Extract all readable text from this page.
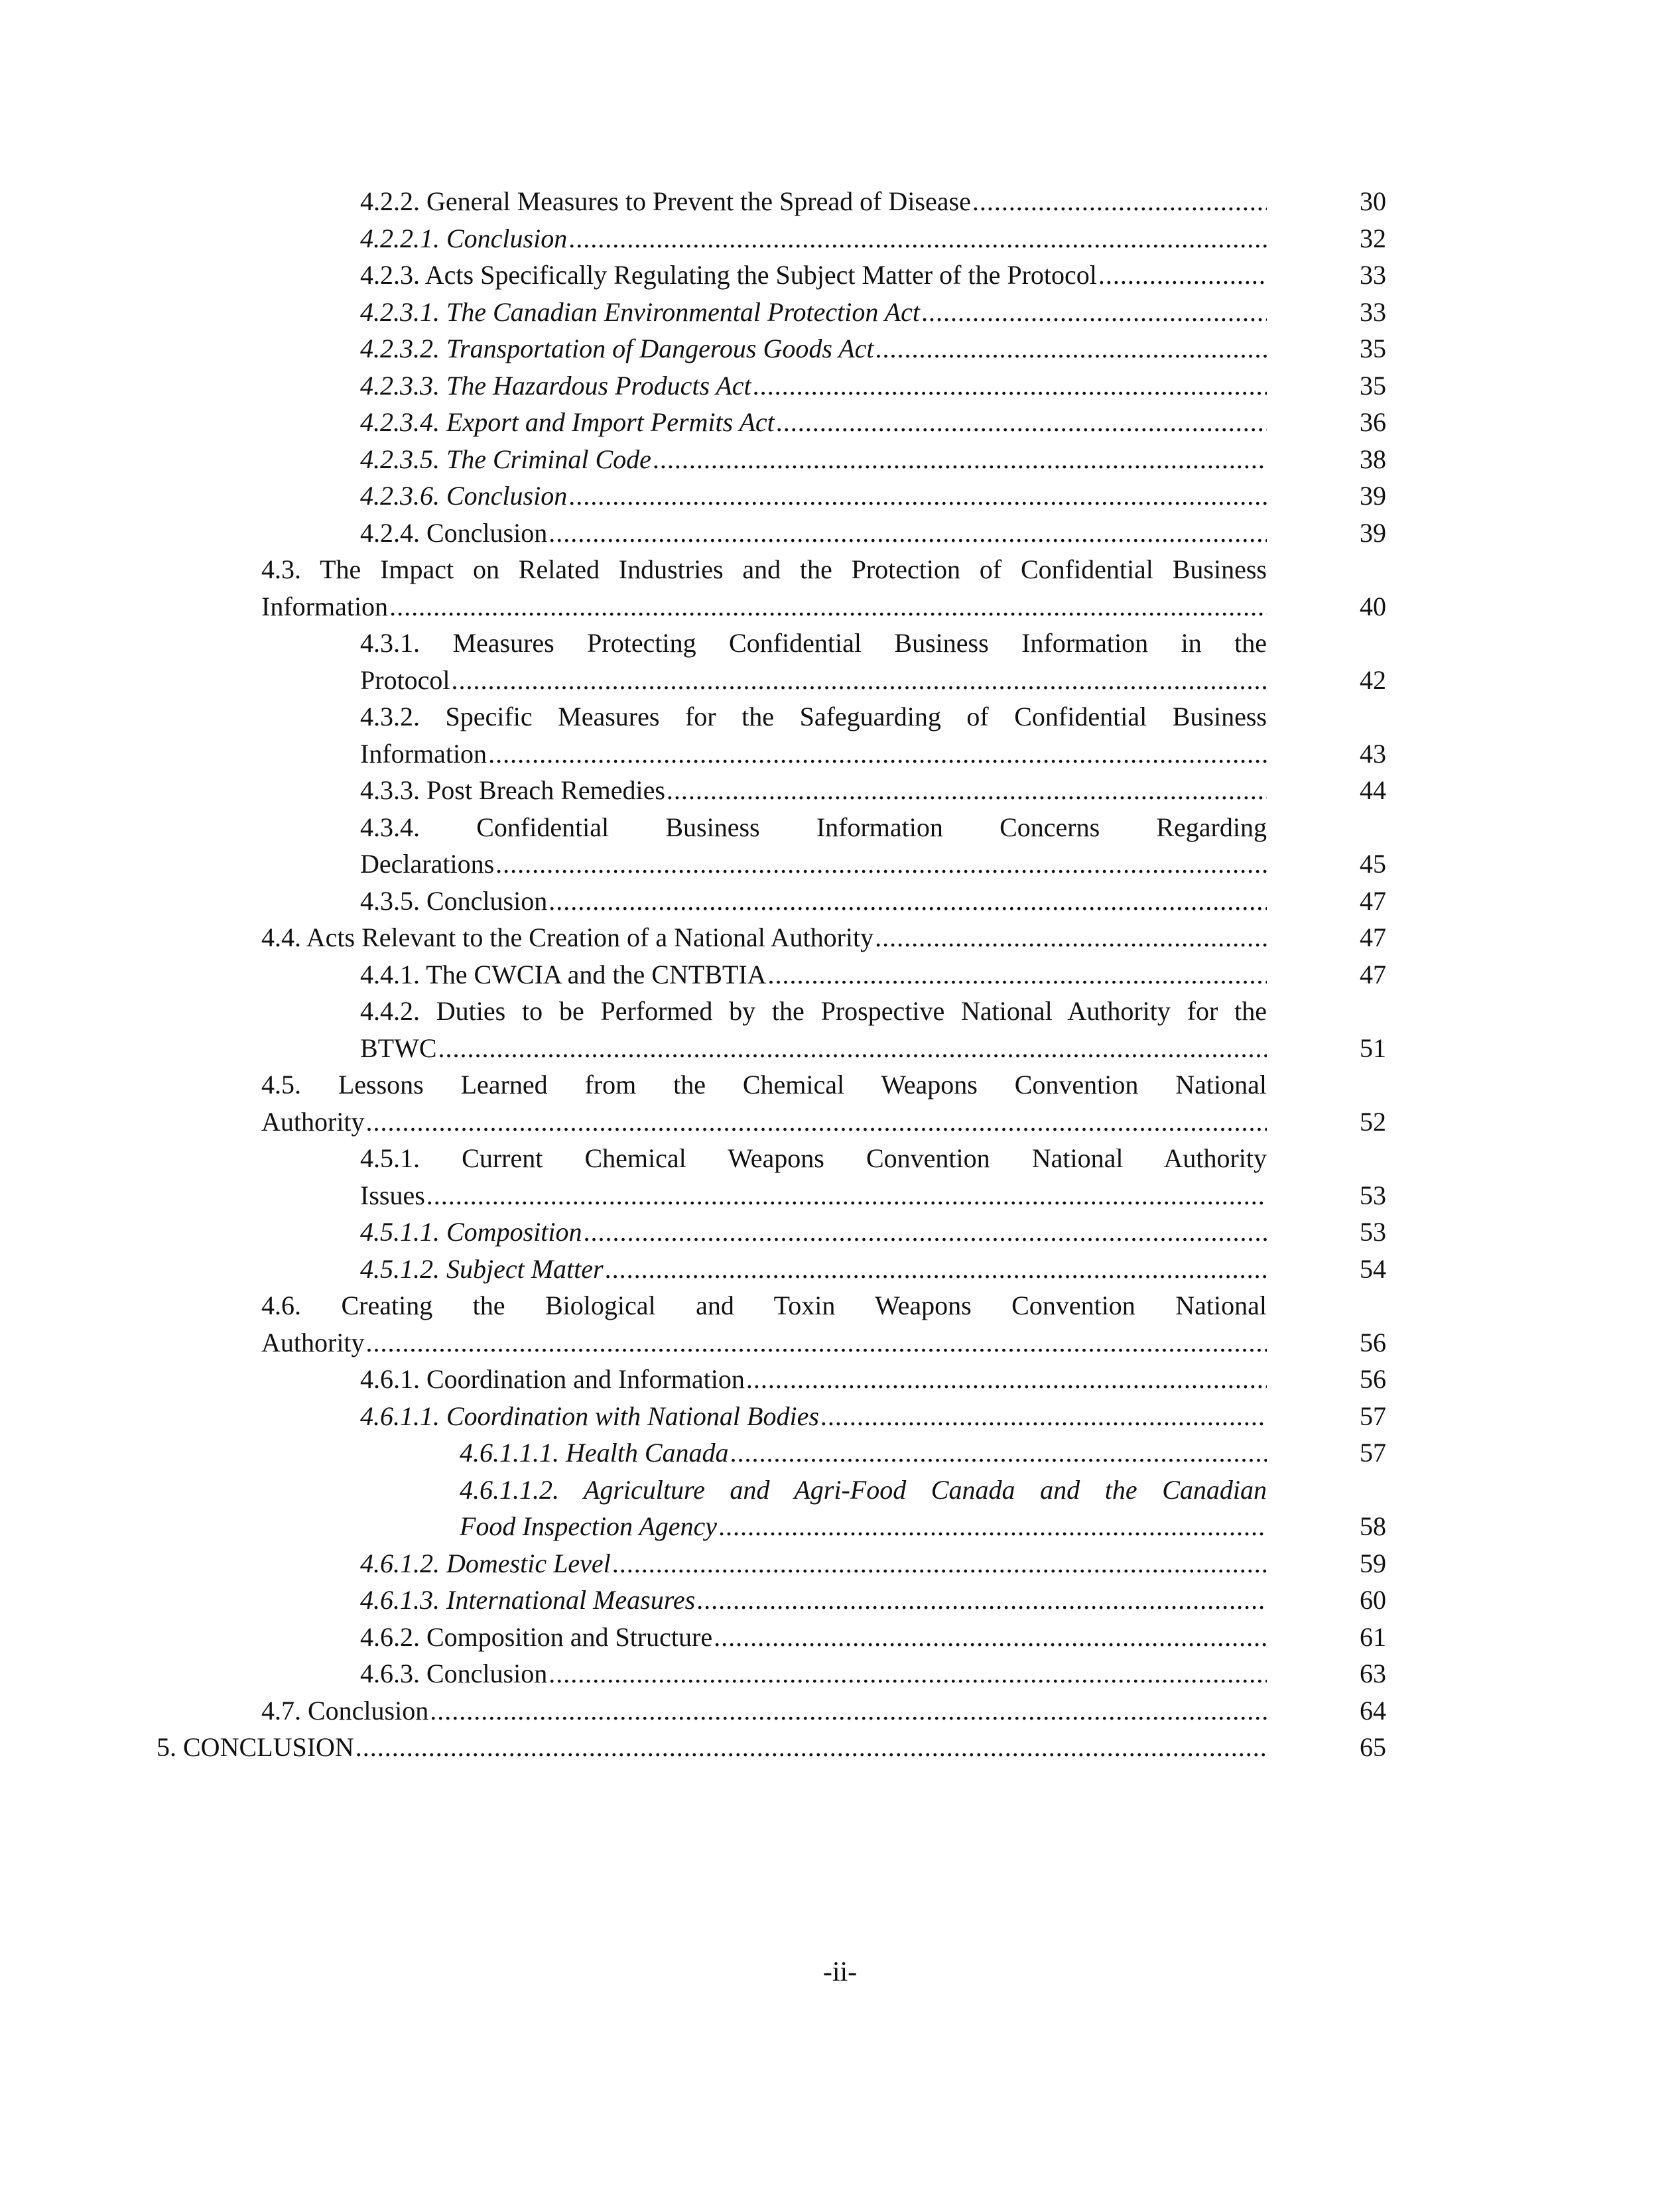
4.2.2. General Measures to Prevent the Spread of Disease .....	30
4.2.2.1. Conclusion .....	32
4.2.3. Acts Specifically Regulating the Subject Matter of the Protocol .....	33
4.2.3.1. The Canadian Environmental Protection Act .....	33
4.2.3.2. Transportation of Dangerous Goods Act .....	35
4.2.3.3. The Hazardous Products Act .....	35
4.2.3.4. Export and Import Permits Act .....	36
4.2.3.5. The Criminal Code .....	38
4.2.3.6. Conclusion .....	39
4.2.4. Conclusion .....	39
4.3. The Impact on Related Industries and the Protection of Confidential Business
Information .....	40
4.3.1. Measures Protecting Confidential Business Information in the
Protocol .....	42
4.3.2. Specific Measures for the Safeguarding of Confidential Business
Information .....	43
4.3.3. Post Breach Remedies .....	44
4.3.4. Confidential Business Information Concerns Regarding
Declarations .....	45
4.3.5. Conclusion .....	47
4.4. Acts Relevant to the Creation of a National Authority .....	47
4.4.1. The CWCIA and the CNTBTIA .....	47
4.4.2. Duties to be Performed by the Prospective National Authority for the
BTWC .....	51
4.5. Lessons Learned from the Chemical Weapons Convention National
Authority .....	52
4.5.1. Current Chemical Weapons Convention National Authority
Issues .....	53
4.5.1.1. Composition .....	53
4.5.1.2. Subject Matter .....	54
4.6. Creating the Biological and Toxin Weapons Convention National
Authority .....	56
4.6.1. Coordination and Information .....	56
4.6.1.1. Coordination with National Bodies .....	57
4.6.1.1.1. Health Canada .....	57
4.6.1.1.2. Agriculture and Agri-Food Canada and the Canadian
Food Inspection Agency .....	58
4.6.1.2. Domestic Level .....	59
4.6.1.3. International Measures .....	60
4.6.2. Composition and Structure .....	61
4.6.3. Conclusion .....	63
4.7. Conclusion .....	64
5. CONCLUSION .....	65
-ii-
